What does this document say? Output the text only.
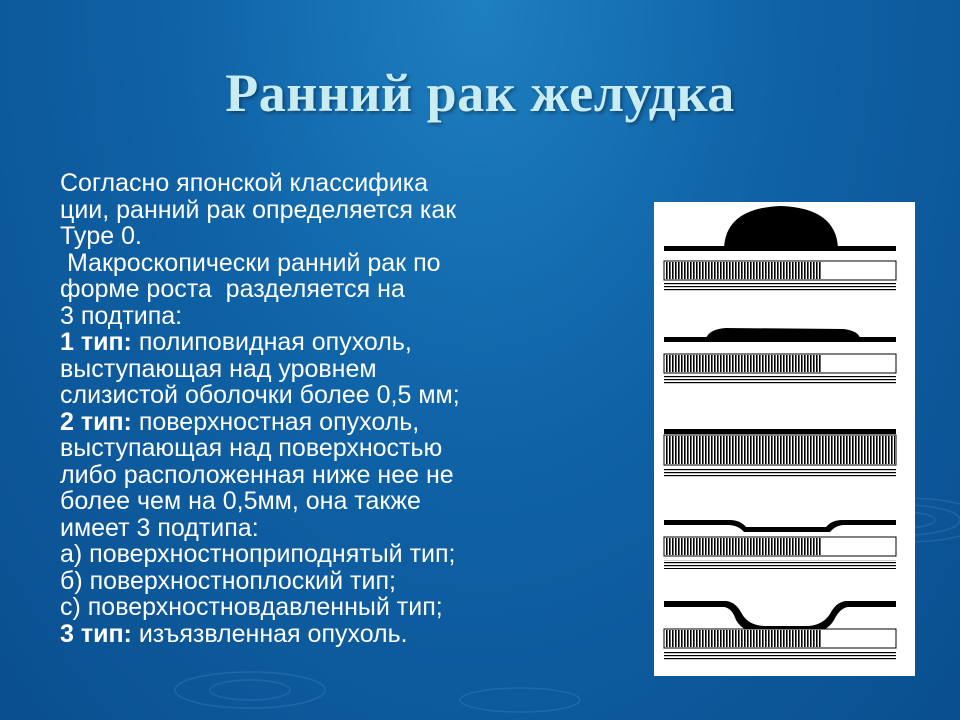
Ранний рак желудка
Согласно японской классифика
ции, ранний рак определяется как
Type 0.
Макроскопически ранний рак по
форме роста  разделяется на
3 подтипа:
1 тип: полиповидная опухоль,
выступающая над уровнем
слизистой оболочки более 0,5 мм;
2 тип: поверхностная опухоль,
выступающая над поверхностью
либо расположенная ниже нее не
более чем на 0,5мм, она также
имеет 3 подтипа:
а) поверхностноприподнятый тип;
б) поверхностноплоский тип;
с) поверхностновдавленный тип;
3 тип: изъязвленная опухоль.
